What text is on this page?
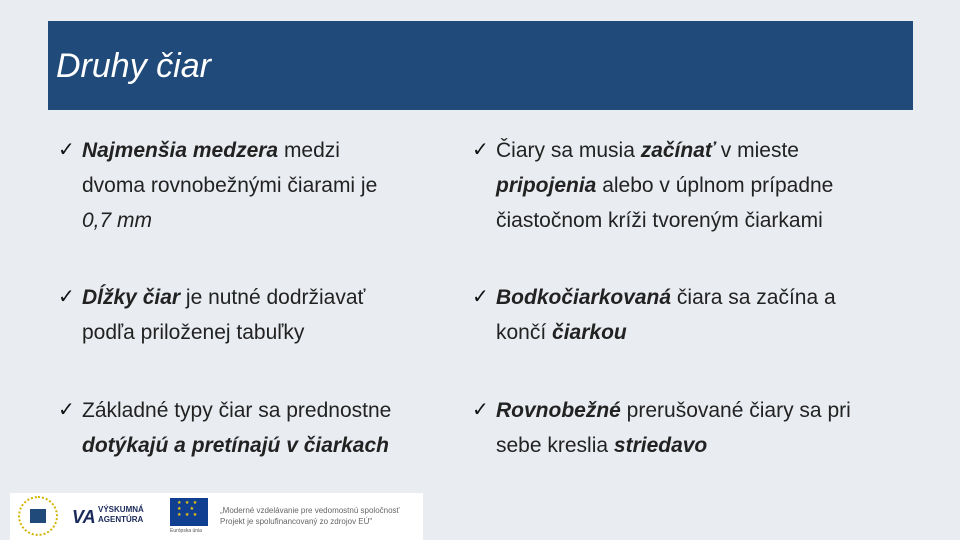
Druhy čiar
✓ Najmenšia medzera medzi
dvoma rovnobežnými čiarami je
0,7 mm
✓ Dĺžky čiar je nutné dodržiavať
podľa priloženej tabuľky
✓ Základné typy čiar sa prednostne
dotýkajú a pretínajú v čiarkach
✓ Čiary sa musia začínať v mieste
pripojenia alebo v úplnom prípadne
čiastočnom kríži tvoreným čiarkami
✓ Bodkočiarkovaná čiara sa začína a
končí čiarkou
✓ Rovnobežné prerušované čiary sa pri
sebe kreslia striedavo
VA VÝSKUMNÁ
AGENTÚRA
★ ★ ★
★   ★
★ ★ ★
Európska únia
„Moderné vzdelávanie pre vedomostnú spoločnosť
Projekt je spolufinancovaný zo zdrojov EÚ"
